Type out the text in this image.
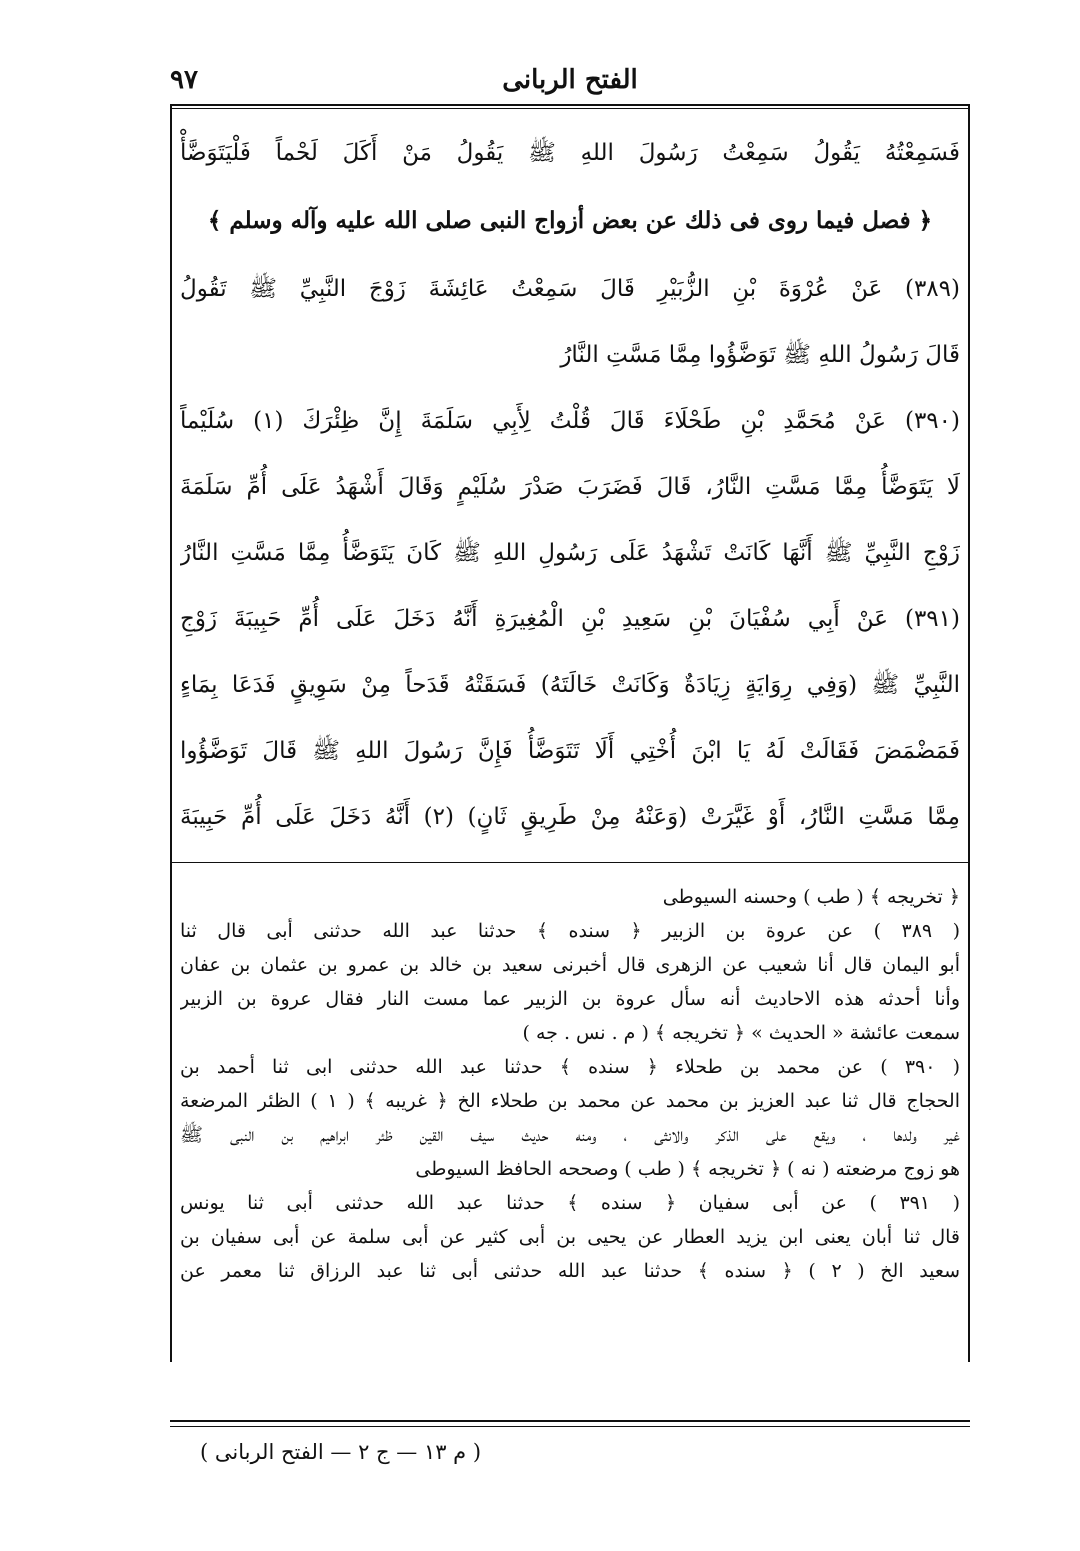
٩٧	الفتح الربانى
فَسَمِعْتُهُ يَقُولُ سَمِعْتُ رَسُولَ اللهِ ﷺ يَقُولُ مَنْ أَكَلَ لَحْماً فَلْيَتَوَضَّأْ
﴿ فصل فيما روى فى ذلك عن بعض أزواج النبى صلى الله عليه وآله وسلم ﴾
(٣٨٩) عَنْ عُرْوَةَ بْنِ الزُّبَيْرِ قَالَ سَمِعْتُ عَائِشَةَ زَوْجَ النَّبِيِّ ﷺ تَقُولُ
قَالَ رَسُولُ اللهِ ﷺ تَوَضَّؤُوا مِمَّا مَسَّتِ النَّارُ
(٣٩٠) عَنْ مُحَمَّدِ بْنِ طَحْلَاءَ قَالَ قُلْتُ لِأَبِي سَلَمَةَ إِنَّ ظِئْرَكَ (١) سُلَيْماً
لَا يَتَوَضَّأُ مِمَّا مَسَّتِ النَّارُ، قَالَ فَضَرَبَ صَدْرَ سُلَيْمٍ وَقَالَ أَشْهَدُ عَلَى أُمِّ سَلَمَةَ
زَوْجِ النَّبِيِّ ﷺ أَنَّهَا كَانَتْ تَشْهَدُ عَلَى رَسُولِ اللهِ ﷺ كَانَ يَتَوَضَّأُ مِمَّا مَسَّتِ النَّارُ
(٣٩١) عَنْ أَبِي سُفْيَانَ بْنِ سَعِيدِ بْنِ الْمُغِيرَةِ أَنَّهُ دَخَلَ عَلَى أُمِّ حَبِيبَةَ زَوْجِ
النَّبِيِّ ﷺ (وَفِي رِوَايَةٍ زِيَادَةٌ وَكَانَتْ خَالَتَهُ) فَسَقَتْهُ قَدَحاً مِنْ سَوِيقٍ فَدَعَا بِمَاءٍ
فَمَضْمَضَ فَقَالَتْ لَهُ يَا ابْنَ أُخْتِي أَلَا تَتَوَضَّأُ فَإِنَّ رَسُولَ اللهِ ﷺ قَالَ تَوَضَّؤُوا
مِمَّا مَسَّتِ النَّارُ، أَوْ غَيَّرَتْ (وَعَنْهُ مِنْ طَرِيقٍ ثَانٍ) (٢) أَنَّهُ دَخَلَ عَلَى أُمِّ حَبِيبَةَ
﴿ تخريجه ﴾ ( طب ) وحسنه السيوطى
( ٣٨٩ ) عن عروة بن الزبير ﴿ سنده ﴾ حدثنا عبد الله حدثنى أبى قال ثنا
أبو اليمان قال أنا شعيب عن الزهرى قال أخبرنى سعيد بن خالد بن عمرو بن عثمان بن عفان
وأنا أحدثه هذه الاحاديث أنه سأل عروة بن الزبير عما مست النار فقال عروة بن الزبير
سمعت عائشة « الحديث » ﴿ تخريجه ﴾ ( م . نس . جه )
( ٣٩٠ ) عن محمد بن طحلاء ﴿ سنده ﴾ حدثنا عبد الله حدثنى ابى ثنا أحمد بن
الحجاج قال ثنا عبد العزيز بن محمد عن محمد بن طحلاء الخ ﴿ غريبه ﴾ ( ١ ) الظئر المرضعة
غير ولدها ، ويقع على الذكر والانثى ، ومنه حديث سيف القين ظئر ابراهيم بن النبى ﷺ
هو زوج مرضعته ( نه ) ﴿ تخريجه ﴾ ( طب ) وصححه الحافظ السيوطى
( ٣٩١ ) عن أبى سفيان ﴿ سنده ﴾ حدثنا عبد الله حدثنى أبى ثنا يونس
قال ثنا أبان يعنى ابن يزيد العطار عن يحيى بن أبى كثير عن أبى سلمة عن أبى سفيان بن
سعيد الخ ( ٢ ) ﴿ سنده ﴾ حدثنا عبد الله حدثنى أبى ثنا عبد الرزاق ثنا معمر عن
( م ١٣ — ج ٢ — الفتح الربانى )
